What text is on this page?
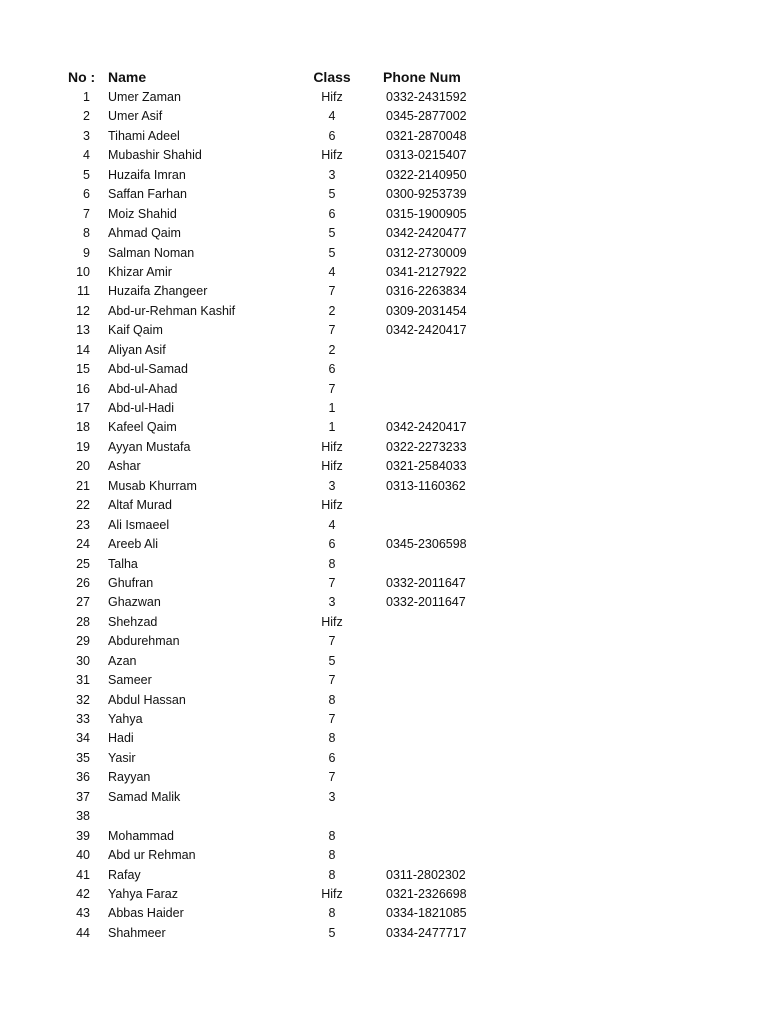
No : Name	Class	Phone Num
1 Umer Zaman	Hifz	0332-2431592
2 Umer Asif	4	0345-2877002
3 Tihami Adeel	6	0321-2870048
4 Mubashir Shahid	Hifz	0313-0215407
5 Huzaifa Imran	3	0322-2140950
6 Saffan Farhan	5	0300-9253739
7 Moiz Shahid	6	0315-1900905
8 Ahmad Qaim	5	0342-2420477
9 Salman Noman	5	0312-2730009
10 Khizar Amir	4	0341-2127922
11 Huzaifa Zhangeer	7	0316-2263834
12 Abd-ur-Rehman Kashif	2	0309-2031454
13 Kaif Qaim	7	0342-2420417
14 Aliyan Asif	2
15 Abd-ul-Samad	6
16 Abd-ul-Ahad	7
17 Abd-ul-Hadi	1
18 Kafeel Qaim	1	0342-2420417
19 Ayyan Mustafa	Hifz	0322-2273233
20 Ashar	Hifz	0321-2584033
21 Musab Khurram	3	0313-1160362
22 Altaf Murad	Hifz
23 Ali Ismaeel	4
24 Areeb Ali	6	0345-2306598
25 Talha	8
26 Ghufran	7	0332-2011647
27 Ghazwan	3	0332-2011647
28 Shehzad	Hifz
29 Abdurehman	7
30 Azan	5
31 Sameer	7
32 Abdul Hassan	8
33 Yahya	7
34 Hadi	8
35 Yasir	6
36 Rayyan	7
37 Samad Malik	3
38
39 Mohammad	8
40 Abd ur Rehman	8
41 Rafay	8	0311-2802302
42 Yahya Faraz	Hifz	0321-2326698
43 Abbas Haider	8	0334-1821085
44 Shahmeer	5	0334-2477717
